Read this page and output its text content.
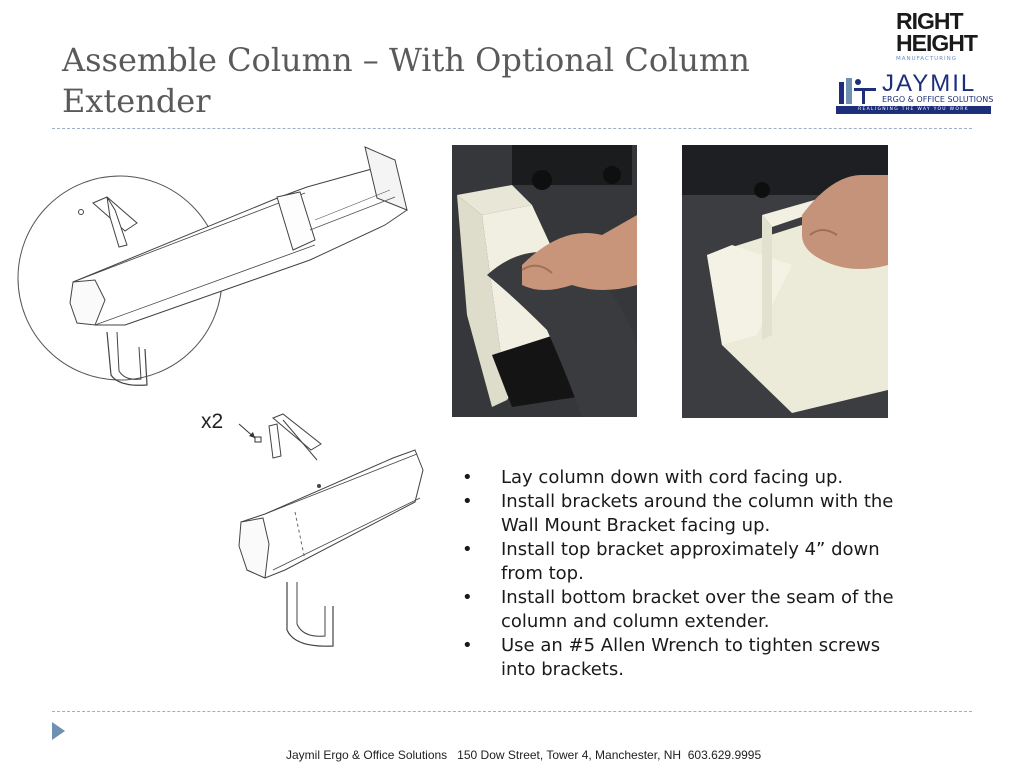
Assemble Column – With Optional Column Extender
RIGHT
HEIGHT
MANUFACTURING
JAYMIL
ERGO & OFFICE SOLUTIONS
REALIGNING THE WAY YOU WORK
x2
• Lay column down with cord facing up.
• Install brackets around the column with the Wall Mount Bracket facing up.
• Install top bracket approximately 4” down from top.
• Install bottom bracket over the seam of the column and column extender.
• Use an #5 Allen Wrench to tighten screws into brackets.
Jaymil Ergo & Office Solutions   150 Dow Street, Tower 4, Manchester, NH  603.629.9995
